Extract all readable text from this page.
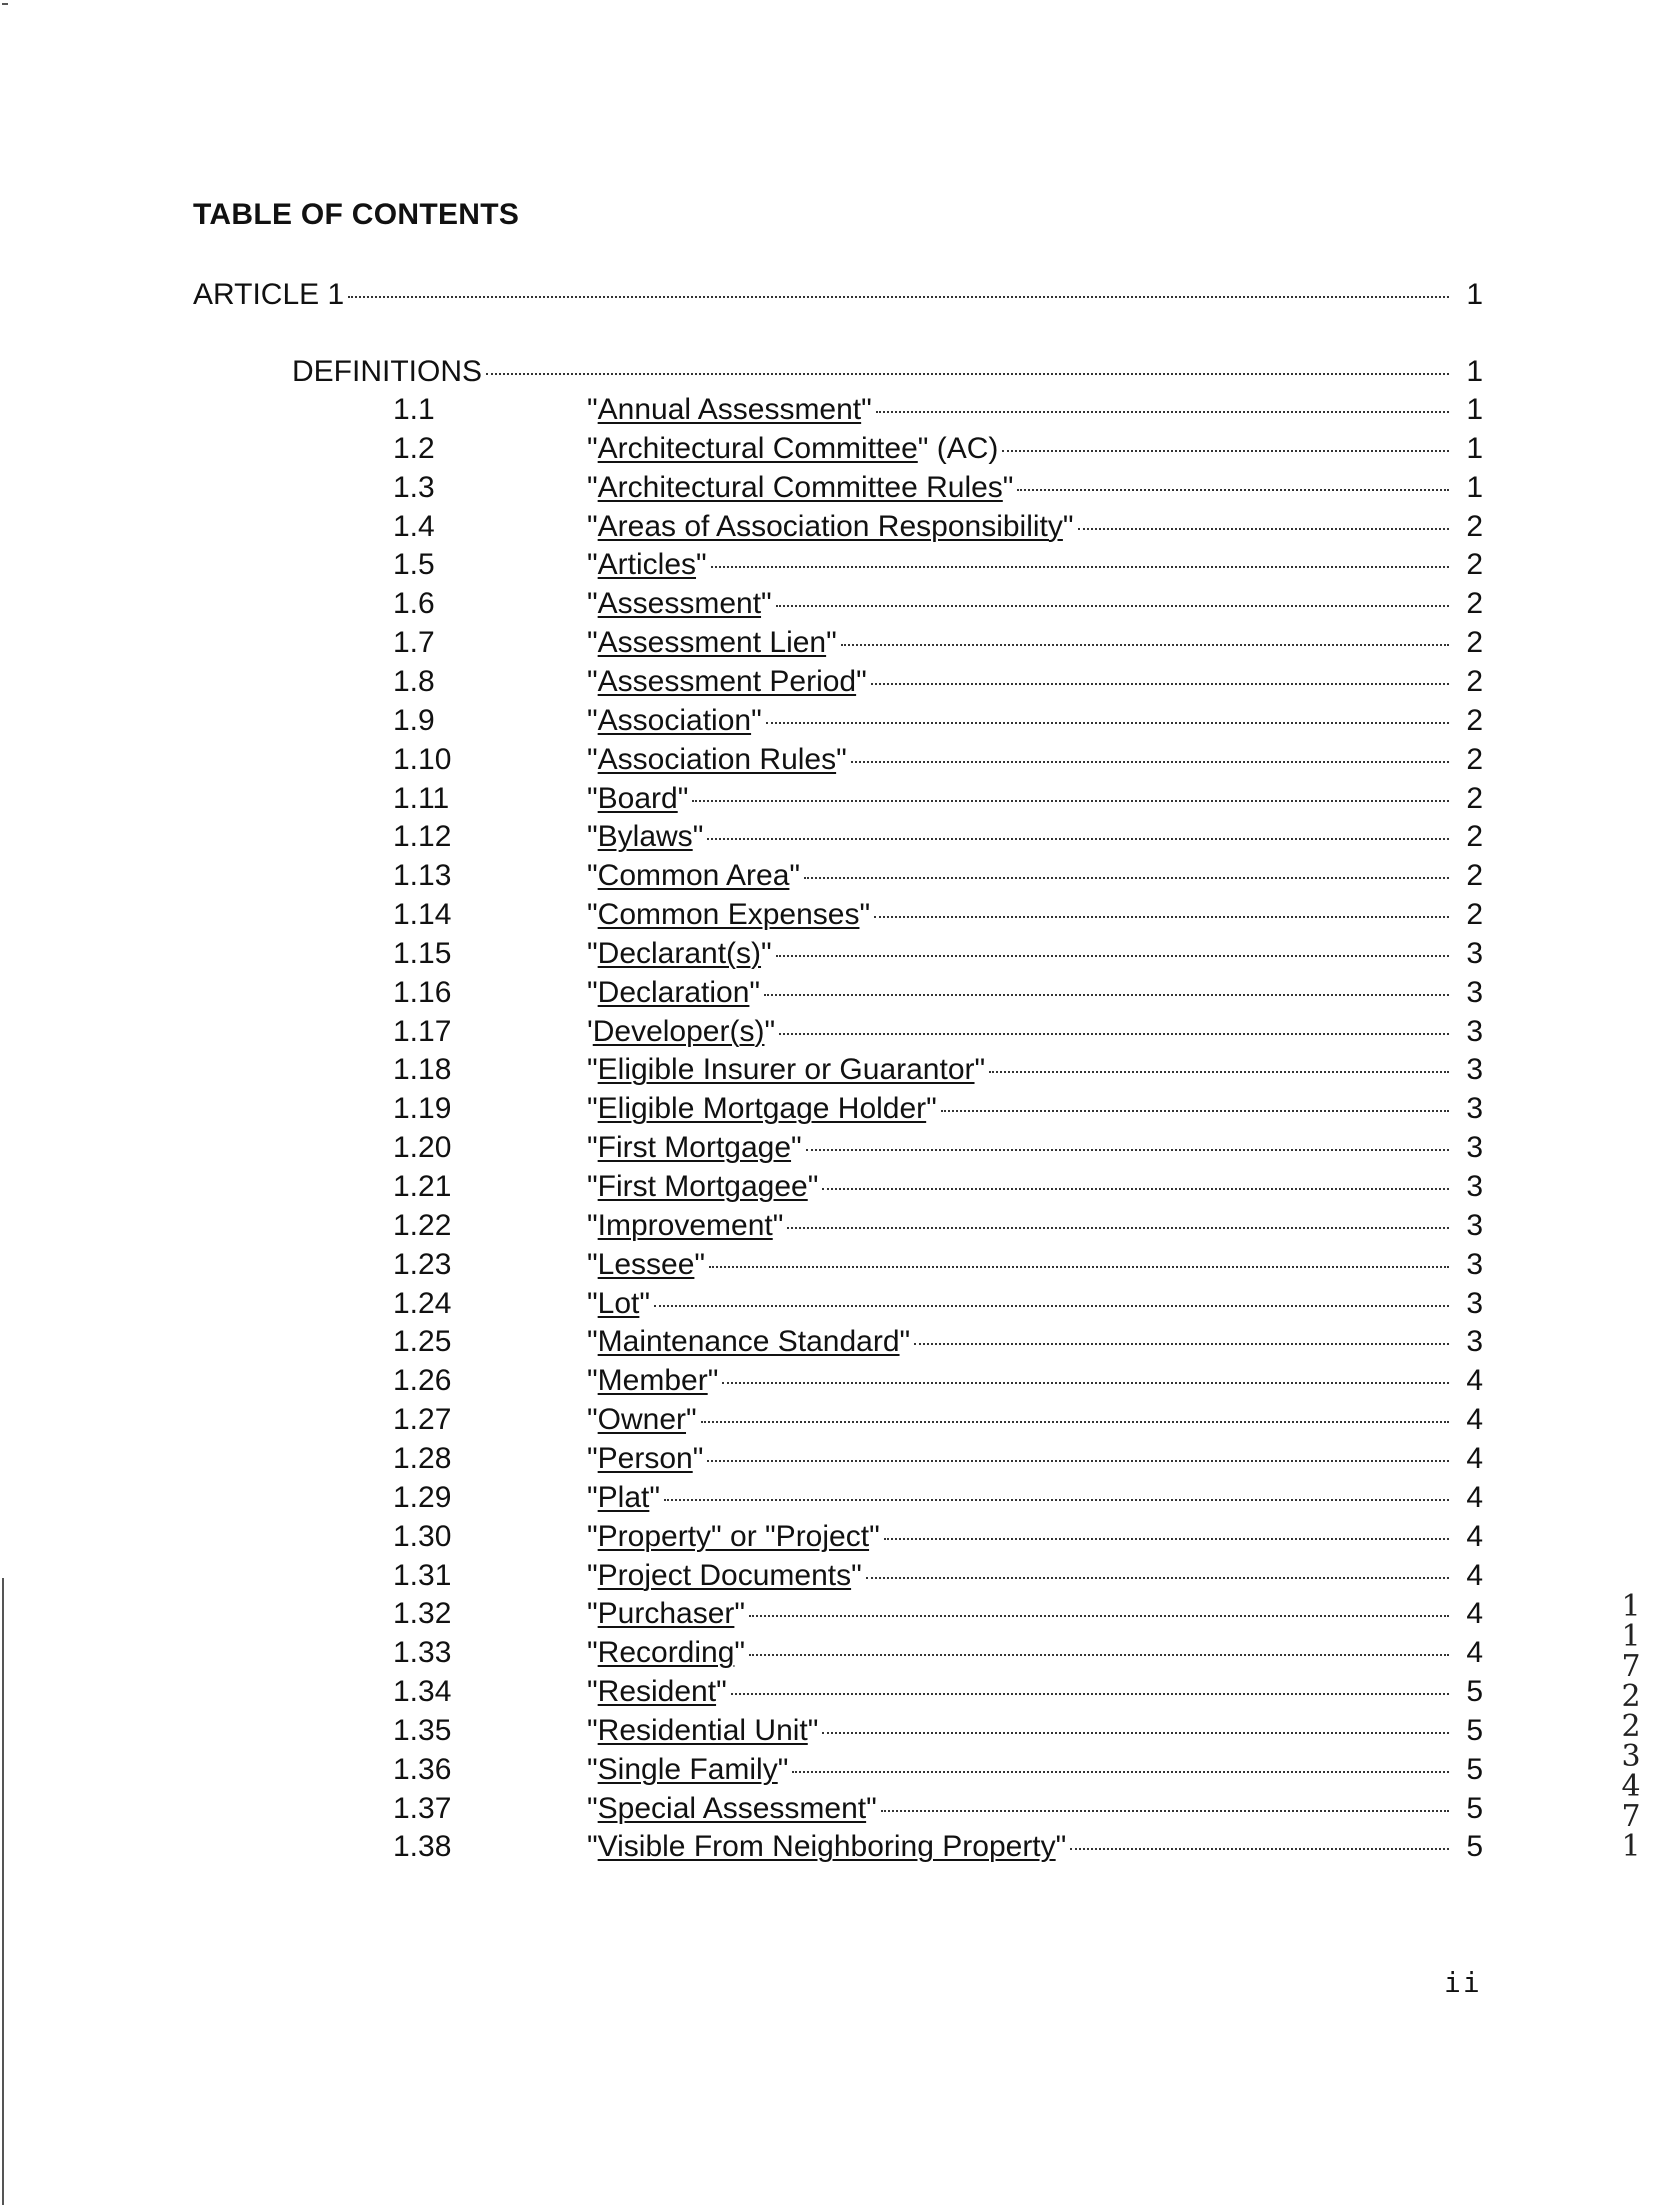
TABLE OF CONTENTS
ARTICLE 1	1
DEFINITIONS	1
1.1	"Annual Assessment"	1
1.2	"Architectural Committee" (AC)	1
1.3	"Architectural Committee Rules"	1
1.4	"Areas of Association Responsibility"	2
1.5	"Articles"	2
1.6	"Assessment"	2
1.7	"Assessment Lien"	2
1.8	"Assessment Period"	2
1.9	"Association"	2
1.10	"Association Rules"	2
1.11	"Board"	2
1.12	"Bylaws"	2
1.13	"Common Area"	2
1.14	"Common Expenses"	2
1.15	"Declarant(s)"	3
1.16	"Declaration"	3
1.17	'Developer(s)"	3
1.18	"Eligible Insurer or Guarantor"	3
1.19	"Eligible Mortgage Holder"	3
1.20	"First Mortgage"	3
1.21	"First Mortgagee"	3
1.22	"Improvement"	3
1.23	"Lessee"	3
1.24	"Lot"	3
1.25	"Maintenance Standard"	3
1.26	"Member"	4
1.27	"Owner"	4
1.28	"Person"	4
1.29	"Plat"	4
1.30	"Property" or "Project"	4
1.31	"Project Documents"	4
1.32	"Purchaser"	4
1.33	"Recording"	4
1.34	"Resident"	5
1.35	"Residential Unit"	5
1.36	"Single Family"	5
1.37	"Special Assessment"	5
1.38	"Visible From Neighboring Property"	5
ii
11722 3471
